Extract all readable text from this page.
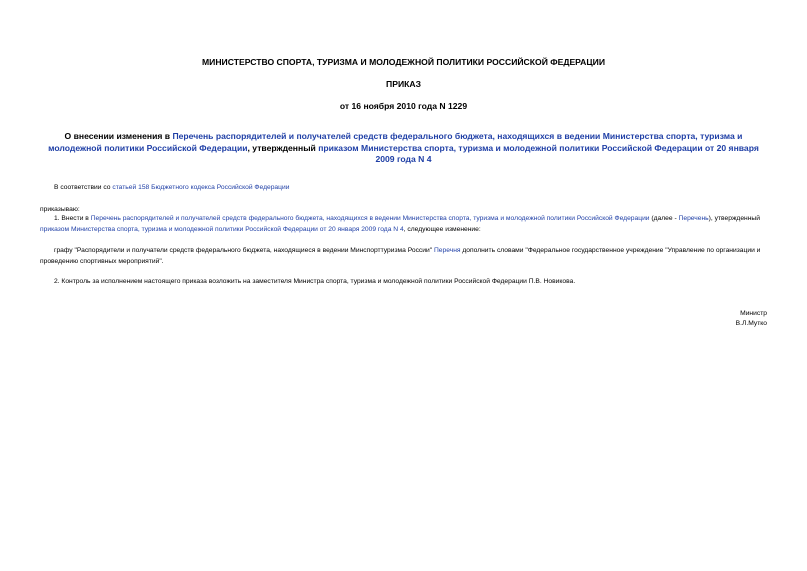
МИНИСТЕРСТВО СПОРТА, ТУРИЗМА И МОЛОДЕЖНОЙ ПОЛИТИКИ РОССИЙСКОЙ ФЕДЕРАЦИИ
ПРИКАЗ
от 16 ноября 2010 года N 1229
О внесении изменения в Перечень распорядителей и получателей средств федерального бюджета, находящихся в ведении Министерства спорта, туризма и молодежной политики Российской Федерации, утвержденный приказом Министерства спорта, туризма и молодежной политики Российской Федерации от 20 января 2009 года N 4
В соответствии со статьей 158 Бюджетного кодекса Российской Федерации
приказываю:
1. Внести в Перечень распорядителей и получателей средств федерального бюджета, находящихся в ведении Министерства спорта, туризма и молодежной политики Российской Федерации (далее - Перечень), утвержденный приказом Министерства спорта, туризма и молодежной политики Российской Федерации от 20 января 2009 года N 4, следующее изменение:
графу "Распорядители и получатели средств федерального бюджета, находящиеся в ведении Минспорттуризма России" Перечня дополнить словами "Федеральное государственное учреждение "Управление по организации и проведению спортивных мероприятий".
2. Контроль за исполнением настоящего приказа возложить на заместителя Министра спорта, туризма и молодежной политики Российской Федерации П.В. Новикова.
Министр
В.Л.Мутко
